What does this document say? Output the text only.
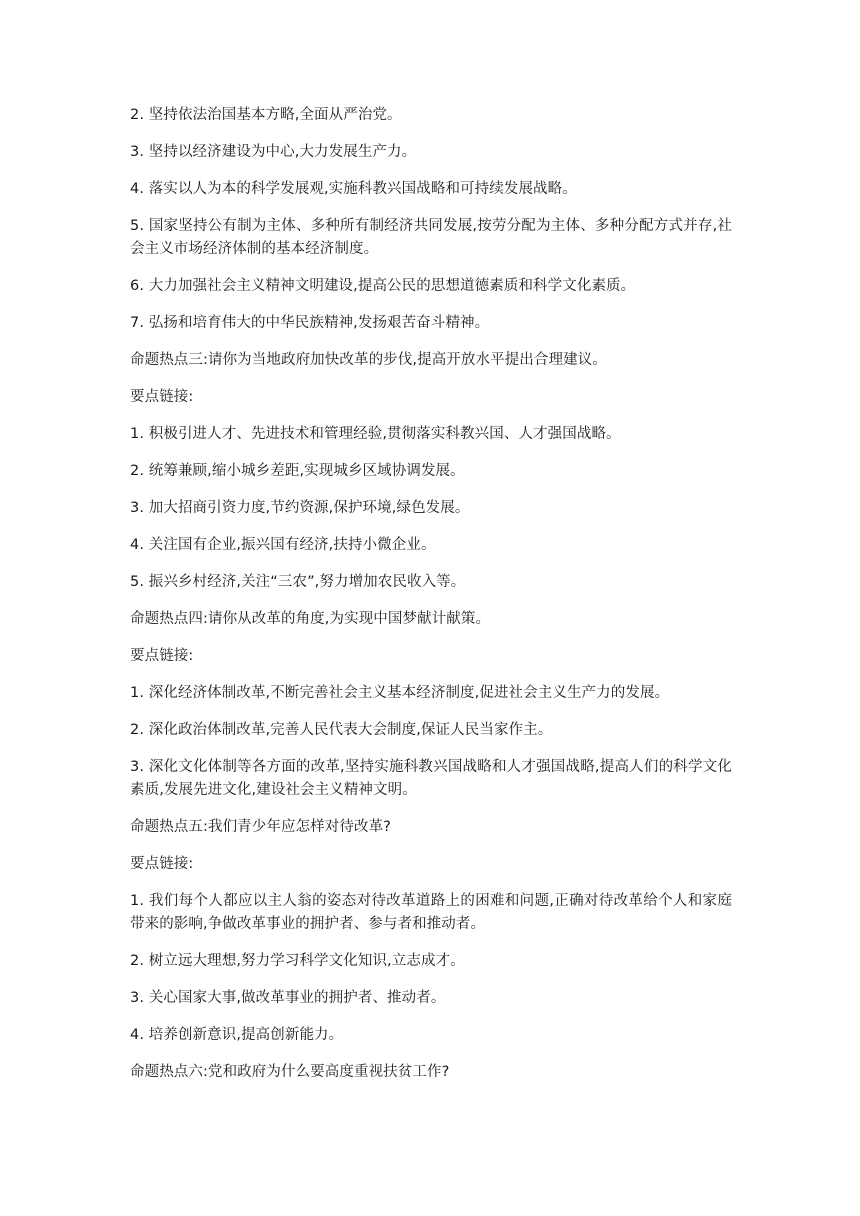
2. 坚持依法治国基本方略,全面从严治党。

3. 坚持以经济建设为中心,大力发展生产力。

4. 落实以人为本的科学发展观,实施科教兴国战略和可持续发展战略。

5. 国家坚持公有制为主体、多种所有制经济共同发展,按劳分配为主体、多种分配方式并存,社会主义市场经济体制的基本经济制度。

6. 大力加强社会主义精神文明建设,提高公民的思想道德素质和科学文化素质。

7. 弘扬和培育伟大的中华民族精神,发扬艰苦奋斗精神。

命题热点三:请你为当地政府加快改革的步伐,提高开放水平提出合理建议。

要点链接:

1. 积极引进人才、先进技术和管理经验,贯彻落实科教兴国、人才强国战略。

2. 统筹兼顾,缩小城乡差距,实现城乡区域协调发展。

3. 加大招商引资力度,节约资源,保护环境,绿色发展。

4. 关注国有企业,振兴国有经济,扶持小微企业。

5. 振兴乡村经济,关注“三农”,努力增加农民收入等。

命题热点四:请你从改革的角度,为实现中国梦献计献策。

要点链接:

1. 深化经济体制改革,不断完善社会主义基本经济制度,促进社会主义生产力的发展。

2. 深化政治体制改革,完善人民代表大会制度,保证人民当家作主。

3. 深化文化体制等各方面的改革,坚持实施科教兴国战略和人才强国战略,提高人们的科学文化素质,发展先进文化,建设社会主义精神文明。

命题热点五:我们青少年应怎样对待改革?

要点链接:

1. 我们每个人都应以主人翁的姿态对待改革道路上的困难和问题,正确对待改革给个人和家庭带来的影响,争做改革事业的拥护者、参与者和推动者。

2. 树立远大理想,努力学习科学文化知识,立志成才。

3. 关心国家大事,做改革事业的拥护者、推动者。

4. 培养创新意识,提高创新能力。

命题热点六:党和政府为什么要高度重视扶贫工作?
